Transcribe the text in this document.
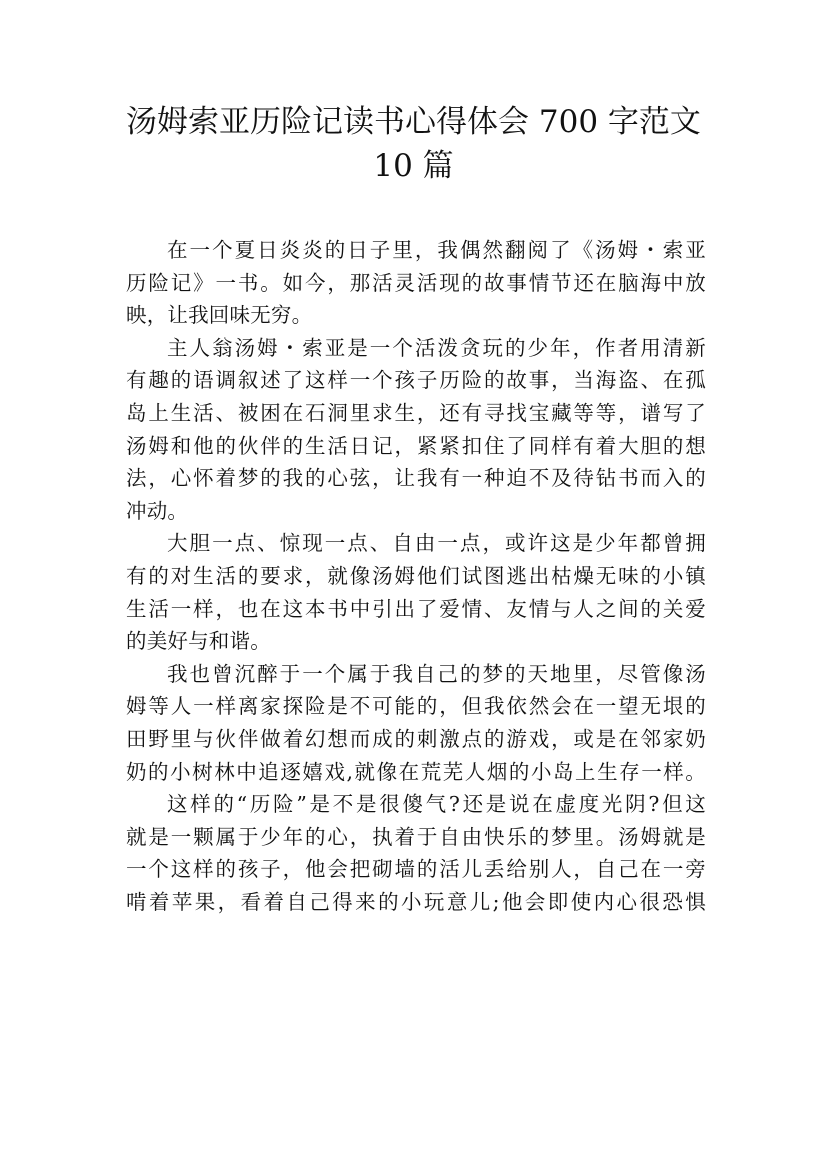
汤姆索亚历险记读书心得体会 700 字范文
10 篇

在一个夏日炎炎的日子里，我偶然翻阅了《汤姆・索亚
历险记》一书。如今，那活灵活现的故事情节还在脑海中放
映，让我回味无穷。

主人翁汤姆・索亚是一个活泼贪玩的少年，作者用清新
有趣的语调叙述了这样一个孩子历险的故事，当海盗、在孤
岛上生活、被困在石洞里求生，还有寻找宝藏等等，谱写了
汤姆和他的伙伴的生活日记，紧紧扣住了同样有着大胆的想
法，心怀着梦的我的心弦，让我有一种迫不及待钻书而入的
冲动。

大胆一点、惊现一点、自由一点，或许这是少年都曾拥
有的对生活的要求，就像汤姆他们试图逃出枯燥无味的小镇
生活一样，也在这本书中引出了爱情、友情与人之间的关爱
的美好与和谐。

我也曾沉醉于一个属于我自己的梦的天地里，尽管像汤
姆等人一样离家探险是不可能的，但我依然会在一望无垠的
田野里与伙伴做着幻想而成的刺激点的游戏，或是在邻家奶
奶的小树林中追逐嬉戏,就像在荒芜人烟的小岛上生存一样。

这样的“历险”是不是很傻气?还是说在虚度光阴?但这
就是一颗属于少年的心，执着于自由快乐的梦里。汤姆就是
一个这样的孩子，他会把砌墙的活儿丢给别人，自己在一旁
啃着苹果，看着自己得来的小玩意儿;他会即使内心很恐惧
